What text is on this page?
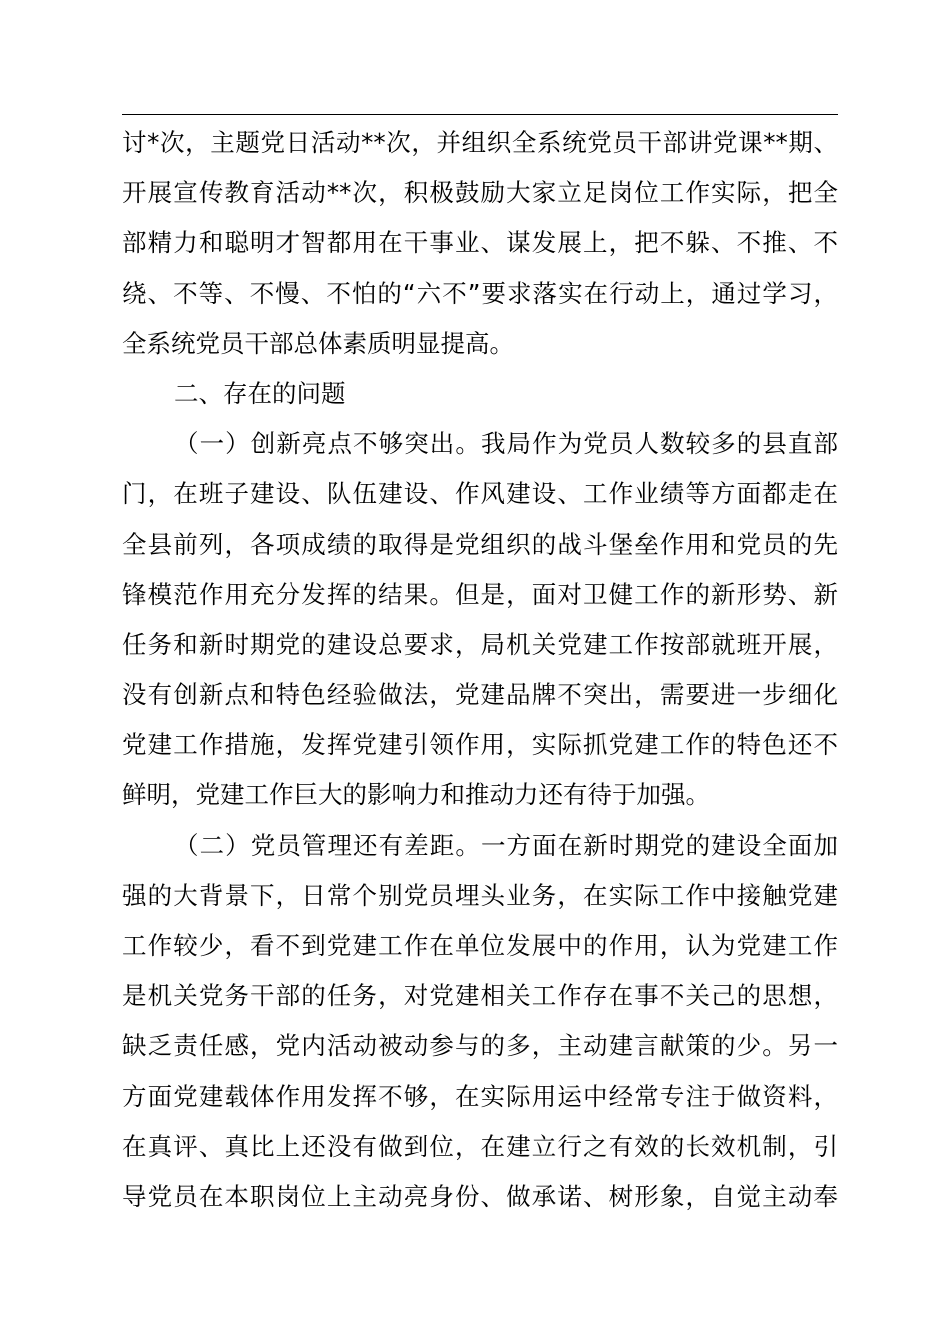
讨*次，主题党日活动**次，并组织全系统党员干部讲党课**期、
开展宣传教育活动**次，积极鼓励大家立足岗位工作实际，把全
部精力和聪明才智都用在干事业、谋发展上，把不躲、不推、不
绕、不等、不慢、不怕的“六不”要求落实在行动上，通过学习，
全系统党员干部总体素质明显提高。
二、存在的问题
（一）创新亮点不够突出。我局作为党员人数较多的县直部
门，在班子建设、队伍建设、作风建设、工作业绩等方面都走在
全县前列，各项成绩的取得是党组织的战斗堡垒作用和党员的先
锋模范作用充分发挥的结果。但是，面对卫健工作的新形势、新
任务和新时期党的建设总要求，局机关党建工作按部就班开展，
没有创新点和特色经验做法，党建品牌不突出，需要进一步细化
党建工作措施，发挥党建引领作用，实际抓党建工作的特色还不
鲜明，党建工作巨大的影响力和推动力还有待于加强。
（二）党员管理还有差距。一方面在新时期党的建设全面加
强的大背景下，日常个别党员埋头业务，在实际工作中接触党建
工作较少，看不到党建工作在单位发展中的作用，认为党建工作
是机关党务干部的任务，对党建相关工作存在事不关己的思想，
缺乏责任感，党内活动被动参与的多，主动建言献策的少。另一
方面党建载体作用发挥不够，在实际用运中经常专注于做资料，
在真评、真比上还没有做到位，在建立行之有效的长效机制，引
导党员在本职岗位上主动亮身份、做承诺、树形象，自觉主动奉
